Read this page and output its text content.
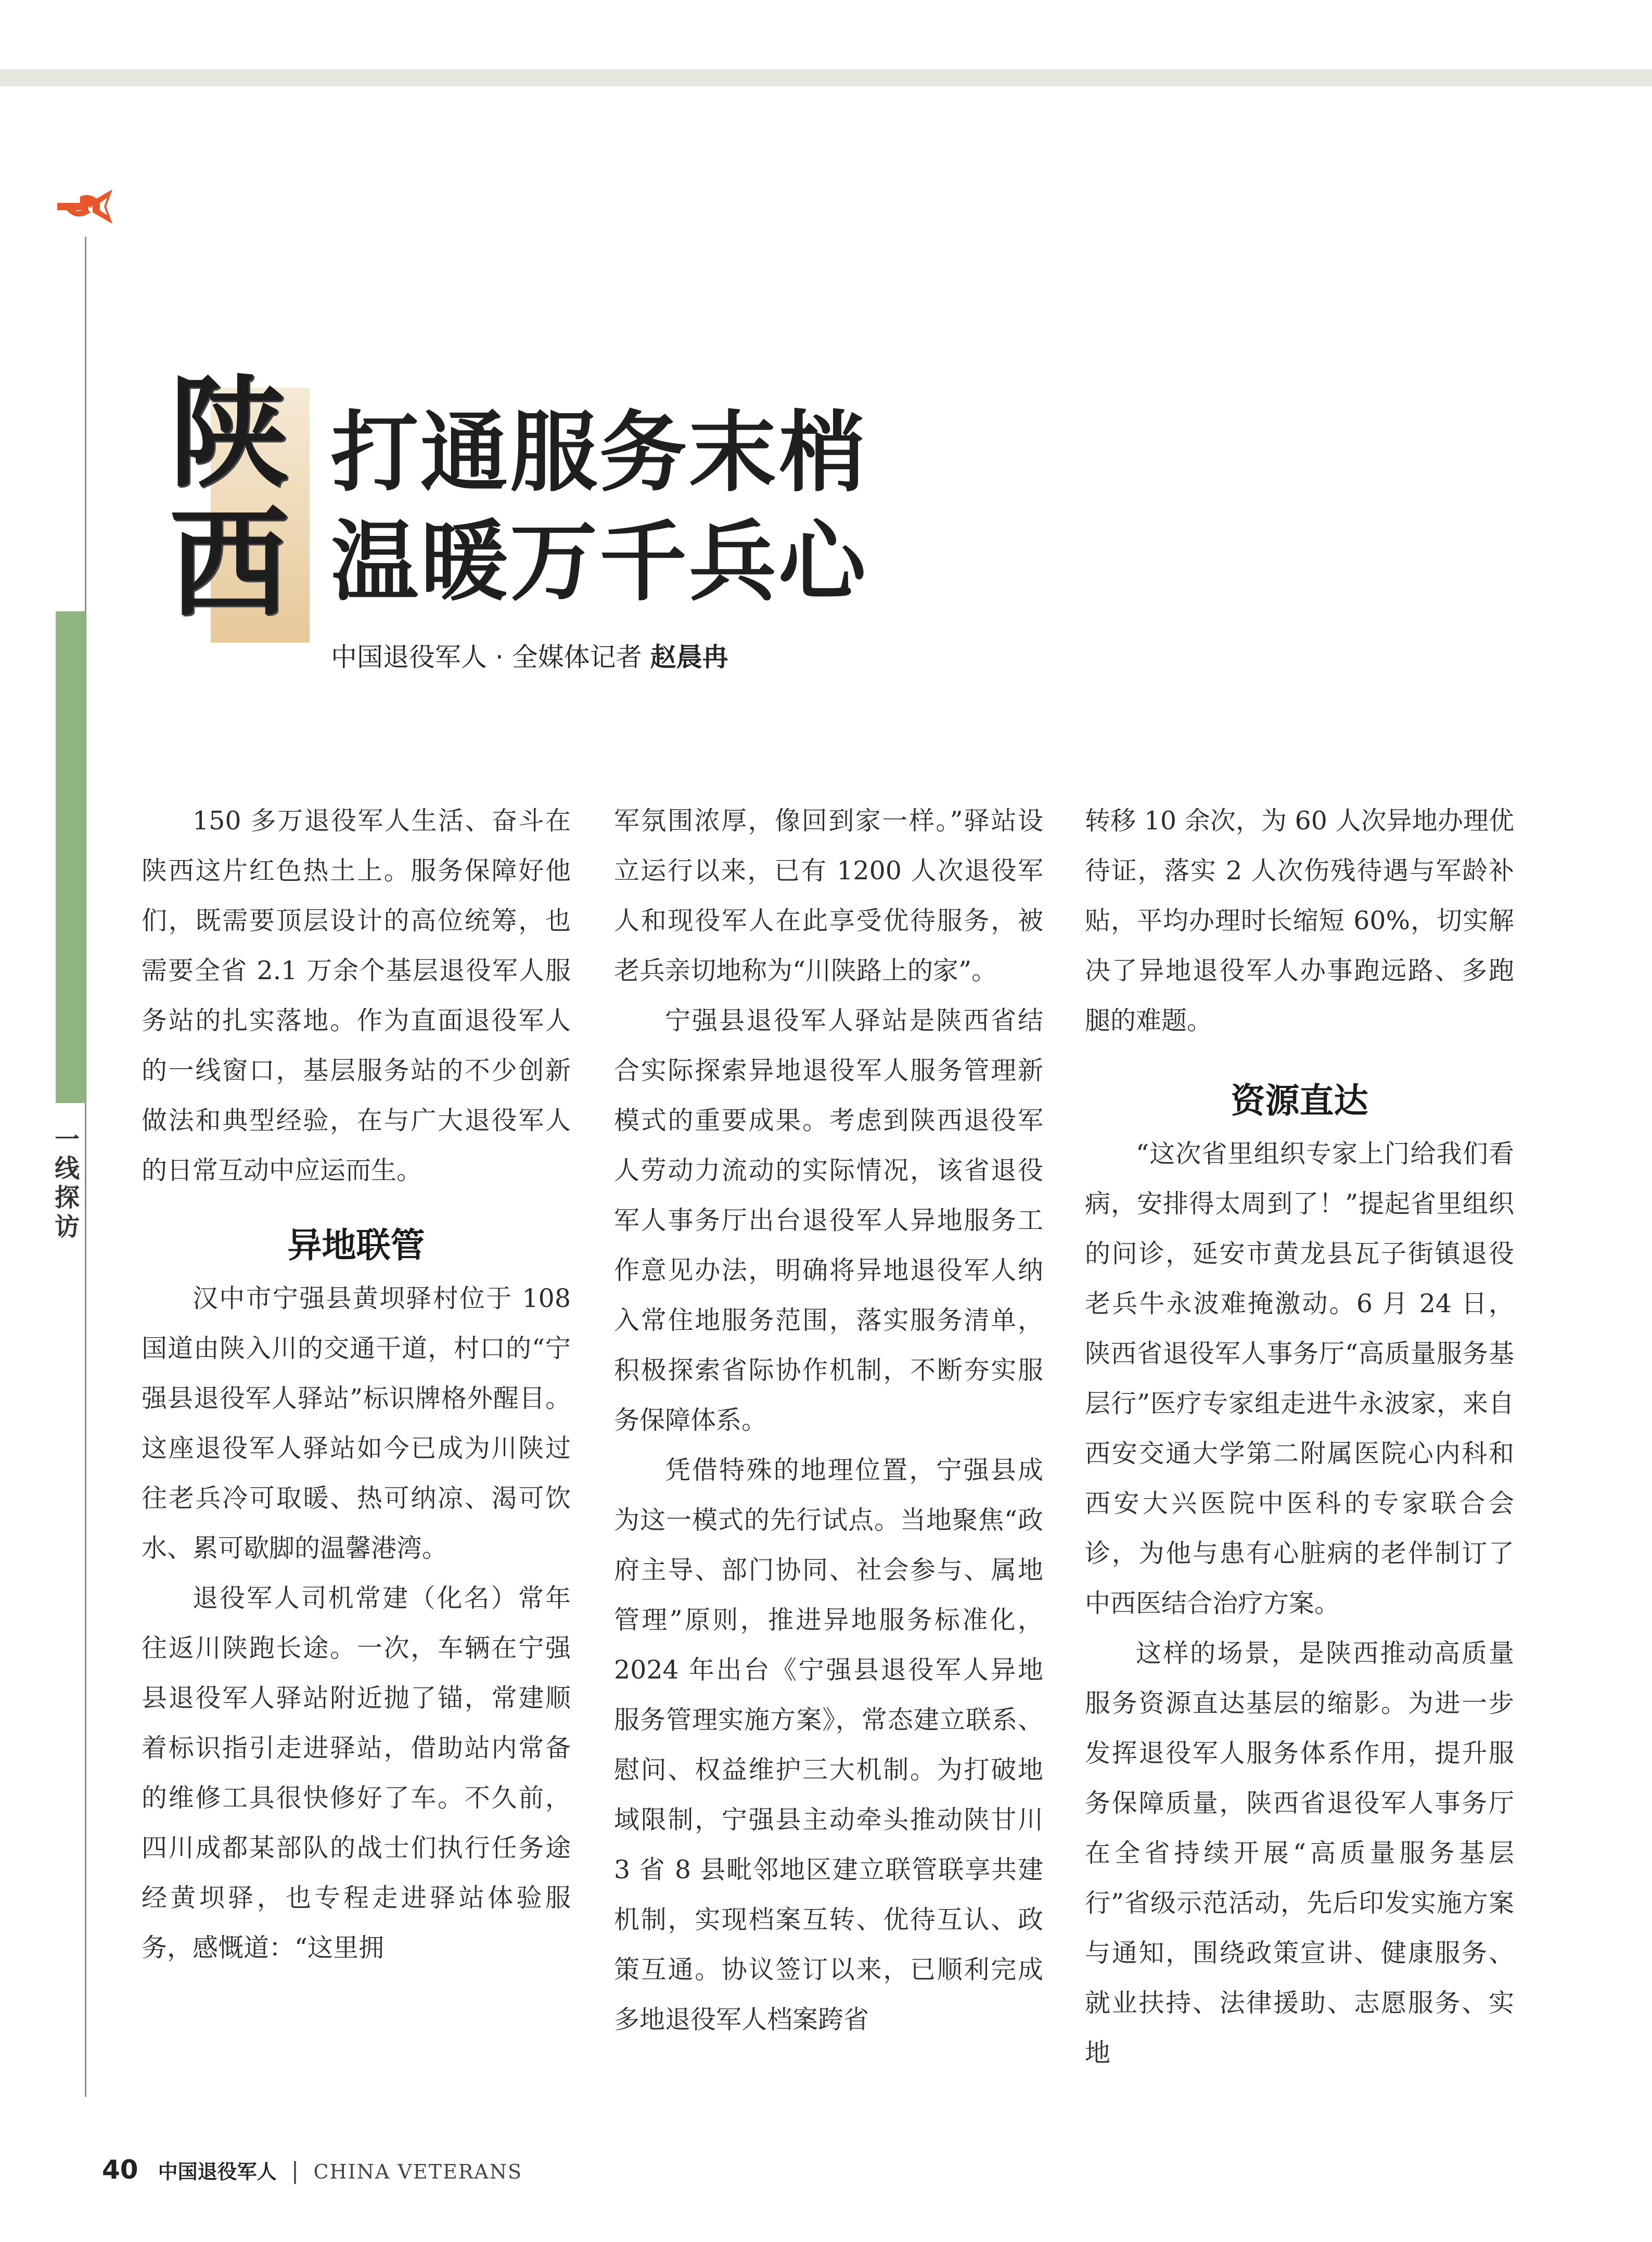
一线探访
陕
西
打通服务末梢
温暖万千兵心
中国退役军人 · 全媒体记者 赵晨冉

150 多万退役军人生活、奋斗在陕西这片红色热土上。服务保障好他们，既需要顶层设计的高位统筹，也需要全省 2.1 万余个基层退役军人服务站的扎实落地。作为直面退役军人的一线窗口，基层服务站的不少创新做法和典型经验，在与广大退役军人的日常互动中应运而生。

异地联管

汉中市宁强县黄坝驿村位于 108 国道由陕入川的交通干道，村口的“宁强县退役军人驿站”标识牌格外醒目。这座退役军人驿站如今已成为川陕过往老兵冷可取暖、热可纳凉、渴可饮水、累可歇脚的温馨港湾。

退役军人司机常建（化名）常年往返川陕跑长途。一次，车辆在宁强县退役军人驿站附近抛了锚，常建顺着标识指引走进驿站，借助站内常备的维修工具很快修好了车。不久前，四川成都某部队的战士们执行任务途经黄坝驿，也专程走进驿站体验服务，感慨道：“这里拥

军氛围浓厚，像回到家一样。”驿站设立运行以来，已有 1200 人次退役军人和现役军人在此享受优待服务，被老兵亲切地称为“川陕路上的家”。

宁强县退役军人驿站是陕西省结合实际探索异地退役军人服务管理新模式的重要成果。考虑到陕西退役军人劳动力流动的实际情况，该省退役军人事务厅出台退役军人异地服务工作意见办法，明确将异地退役军人纳入常住地服务范围，落实服务清单，积极探索省际协作机制，不断夯实服务保障体系。

凭借特殊的地理位置，宁强县成为这一模式的先行试点。当地聚焦“政府主导、部门协同、社会参与、属地管理”原则，推进异地服务标准化，2024 年出台《宁强县退役军人异地服务管理实施方案》，常态建立联系、慰问、权益维护三大机制。为打破地域限制，宁强县主动牵头推动陕甘川 3 省 8 县毗邻地区建立联管联享共建机制，实现档案互转、优待互认、政策互通。协议签订以来，已顺利完成多地退役军人档案跨省

转移 10 余次，为 60 人次异地办理优待证，落实 2 人次伤残待遇与军龄补贴，平均办理时长缩短 60%，切实解决了异地退役军人办事跑远路、多跑腿的难题。

资源直达

“这次省里组织专家上门给我们看病，安排得太周到了！”提起省里组织的问诊，延安市黄龙县瓦子街镇退役老兵牛永波难掩激动。6 月 24 日，陕西省退役军人事务厅“高质量服务基层行”医疗专家组走进牛永波家，来自西安交通大学第二附属医院心内科和西安大兴医院中医科的专家联合会诊，为他与患有心脏病的老伴制订了中西医结合治疗方案。

这样的场景，是陕西推动高质量服务资源直达基层的缩影。为进一步发挥退役军人服务体系作用，提升服务保障质量，陕西省退役军人事务厅在全省持续开展“高质量服务基层行”省级示范活动，先后印发实施方案与通知，围绕政策宣讲、健康服务、就业扶持、法律援助、志愿服务、实地

40 中国退役军人 | CHINA VETERANS
